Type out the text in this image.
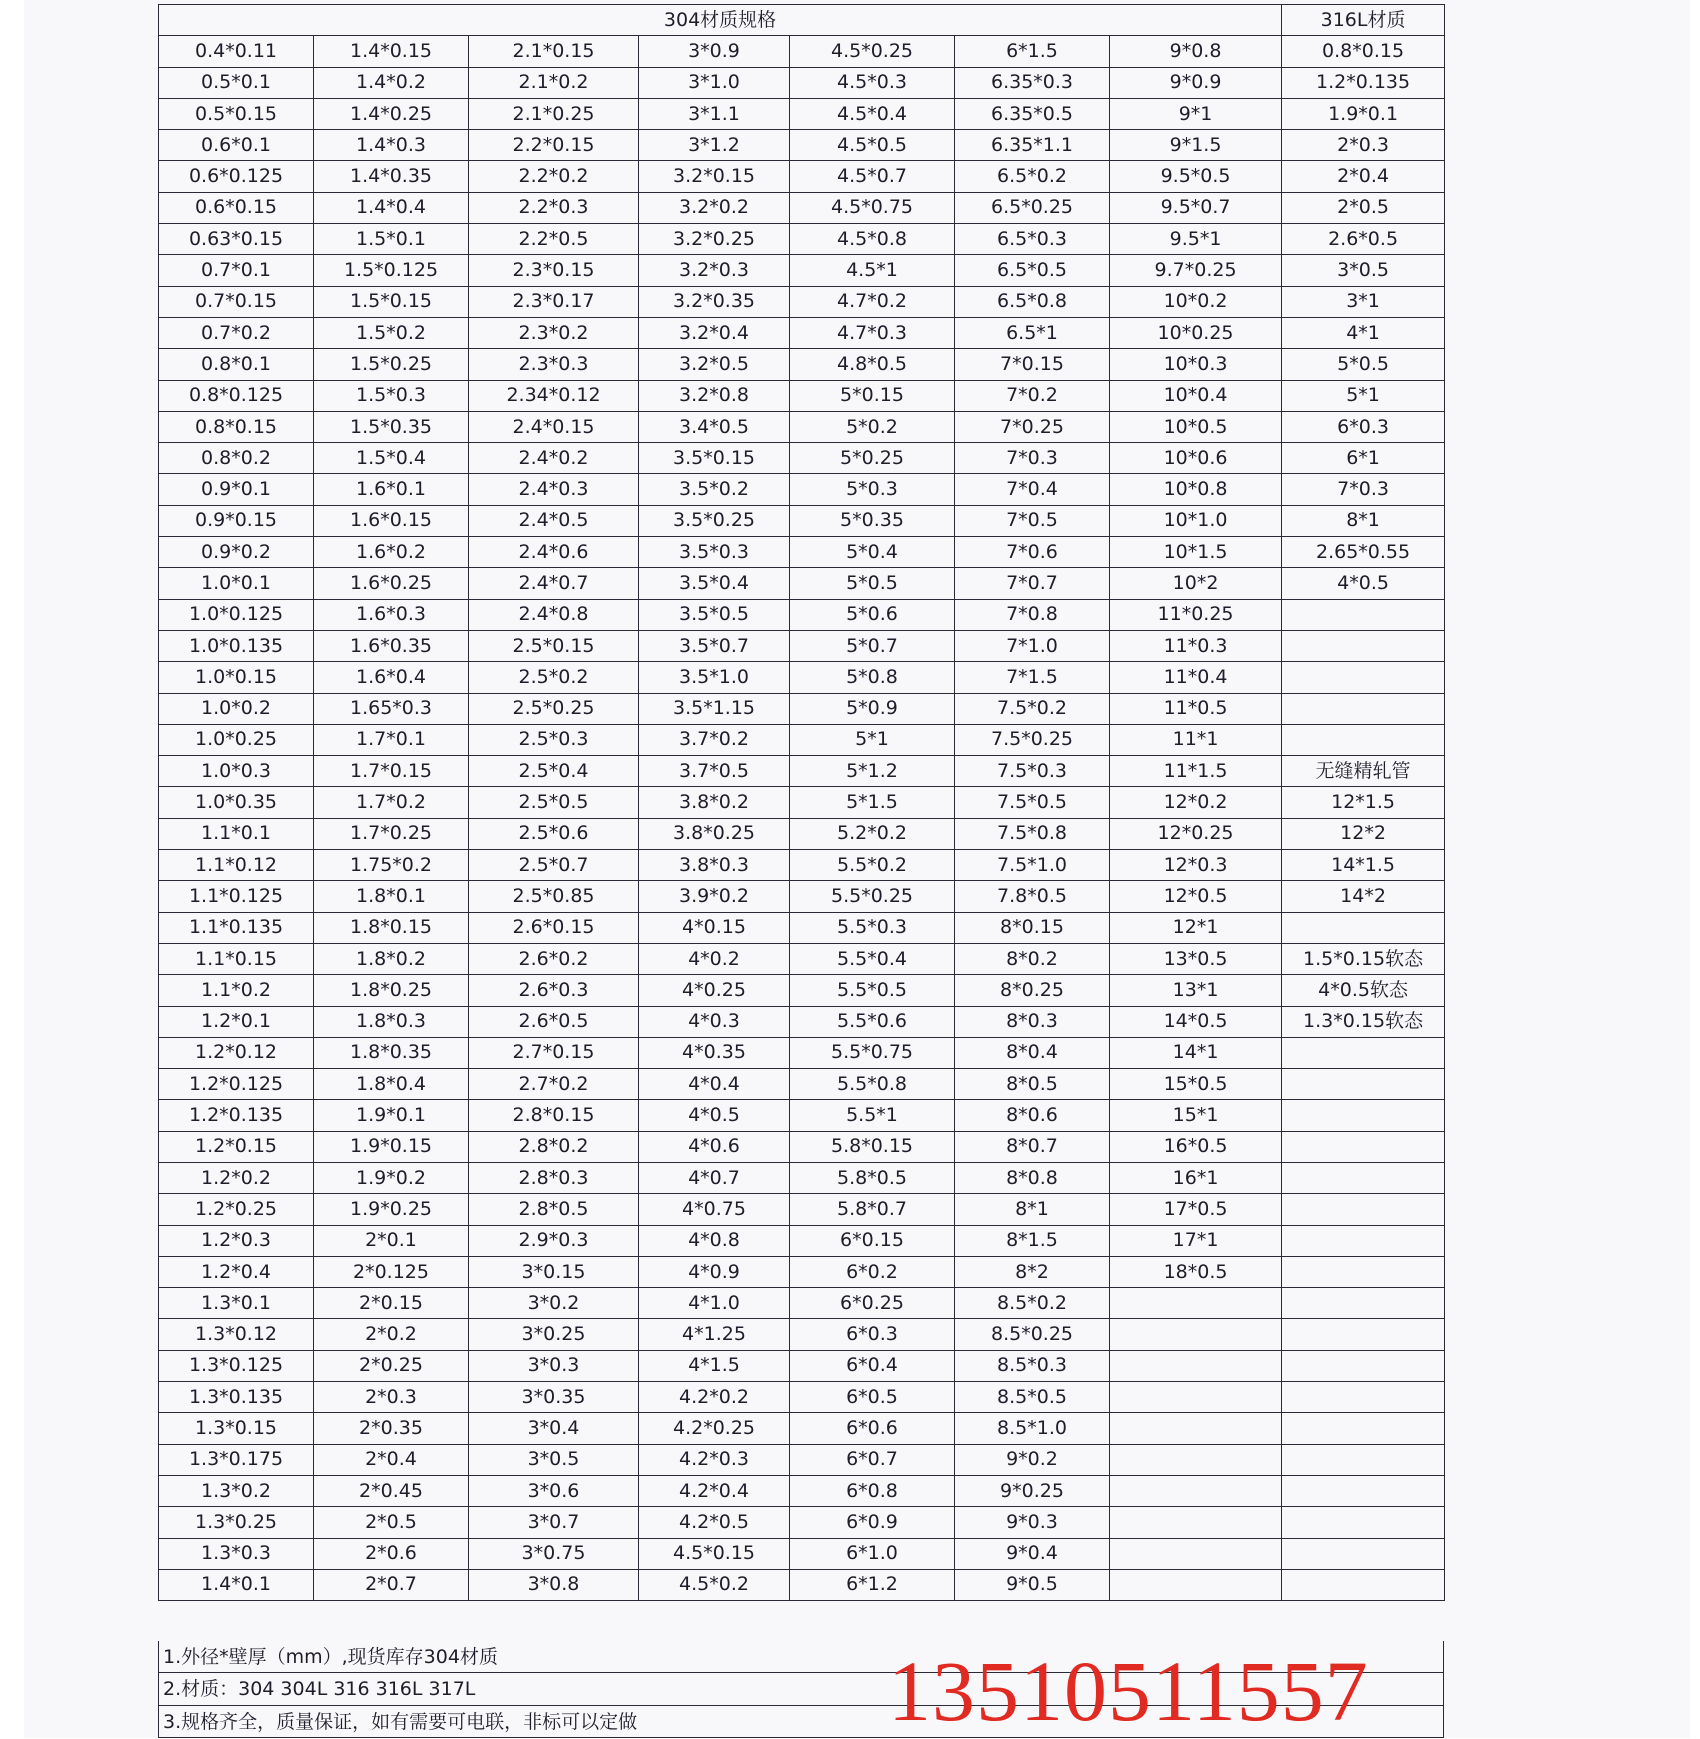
304材质规格							316L材质
0.4*0.11	1.4*0.15	2.1*0.15	3*0.9	4.5*0.25	6*1.5	9*0.8	0.8*0.15
0.5*0.1	1.4*0.2	2.1*0.2	3*1.0	4.5*0.3	6.35*0.3	9*0.9	1.2*0.135
0.5*0.15	1.4*0.25	2.1*0.25	3*1.1	4.5*0.4	6.35*0.5	9*1	1.9*0.1
0.6*0.1	1.4*0.3	2.2*0.15	3*1.2	4.5*0.5	6.35*1.1	9*1.5	2*0.3
0.6*0.125	1.4*0.35	2.2*0.2	3.2*0.15	4.5*0.7	6.5*0.2	9.5*0.5	2*0.4
0.6*0.15	1.4*0.4	2.2*0.3	3.2*0.2	4.5*0.75	6.5*0.25	9.5*0.7	2*0.5
0.63*0.15	1.5*0.1	2.2*0.5	3.2*0.25	4.5*0.8	6.5*0.3	9.5*1	2.6*0.5
0.7*0.1	1.5*0.125	2.3*0.15	3.2*0.3	4.5*1	6.5*0.5	9.7*0.25	3*0.5
0.7*0.15	1.5*0.15	2.3*0.17	3.2*0.35	4.7*0.2	6.5*0.8	10*0.2	3*1
0.7*0.2	1.5*0.2	2.3*0.2	3.2*0.4	4.7*0.3	6.5*1	10*0.25	4*1
0.8*0.1	1.5*0.25	2.3*0.3	3.2*0.5	4.8*0.5	7*0.15	10*0.3	5*0.5
0.8*0.125	1.5*0.3	2.34*0.12	3.2*0.8	5*0.15	7*0.2	10*0.4	5*1
0.8*0.15	1.5*0.35	2.4*0.15	3.4*0.5	5*0.2	7*0.25	10*0.5	6*0.3
0.8*0.2	1.5*0.4	2.4*0.2	3.5*0.15	5*0.25	7*0.3	10*0.6	6*1
0.9*0.1	1.6*0.1	2.4*0.3	3.5*0.2	5*0.3	7*0.4	10*0.8	7*0.3
0.9*0.15	1.6*0.15	2.4*0.5	3.5*0.25	5*0.35	7*0.5	10*1.0	8*1
0.9*0.2	1.6*0.2	2.4*0.6	3.5*0.3	5*0.4	7*0.6	10*1.5	2.65*0.55
1.0*0.1	1.6*0.25	2.4*0.7	3.5*0.4	5*0.5	7*0.7	10*2	4*0.5
1.0*0.125	1.6*0.3	2.4*0.8	3.5*0.5	5*0.6	7*0.8	11*0.25	
1.0*0.135	1.6*0.35	2.5*0.15	3.5*0.7	5*0.7	7*1.0	11*0.3	
1.0*0.15	1.6*0.4	2.5*0.2	3.5*1.0	5*0.8	7*1.5	11*0.4	
1.0*0.2	1.65*0.3	2.5*0.25	3.5*1.15	5*0.9	7.5*0.2	11*0.5	
1.0*0.25	1.7*0.1	2.5*0.3	3.7*0.2	5*1	7.5*0.25	11*1	
1.0*0.3	1.7*0.15	2.5*0.4	3.7*0.5	5*1.2	7.5*0.3	11*1.5	无缝精轧管
1.0*0.35	1.7*0.2	2.5*0.5	3.8*0.2	5*1.5	7.5*0.5	12*0.2	12*1.5
1.1*0.1	1.7*0.25	2.5*0.6	3.8*0.25	5.2*0.2	7.5*0.8	12*0.25	12*2
1.1*0.12	1.75*0.2	2.5*0.7	3.8*0.3	5.5*0.2	7.5*1.0	12*0.3	14*1.5
1.1*0.125	1.8*0.1	2.5*0.85	3.9*0.2	5.5*0.25	7.8*0.5	12*0.5	14*2
1.1*0.135	1.8*0.15	2.6*0.15	4*0.15	5.5*0.3	8*0.15	12*1	
1.1*0.15	1.8*0.2	2.6*0.2	4*0.2	5.5*0.4	8*0.2	13*0.5	1.5*0.15软态
1.1*0.2	1.8*0.25	2.6*0.3	4*0.25	5.5*0.5	8*0.25	13*1	4*0.5软态
1.2*0.1	1.8*0.3	2.6*0.5	4*0.3	5.5*0.6	8*0.3	14*0.5	1.3*0.15软态
1.2*0.12	1.8*0.35	2.7*0.15	4*0.35	5.5*0.75	8*0.4	14*1	
1.2*0.125	1.8*0.4	2.7*0.2	4*0.4	5.5*0.8	8*0.5	15*0.5	
1.2*0.135	1.9*0.1	2.8*0.15	4*0.5	5.5*1	8*0.6	15*1	
1.2*0.15	1.9*0.15	2.8*0.2	4*0.6	5.8*0.15	8*0.7	16*0.5	
1.2*0.2	1.9*0.2	2.8*0.3	4*0.7	5.8*0.5	8*0.8	16*1	
1.2*0.25	1.9*0.25	2.8*0.5	4*0.75	5.8*0.7	8*1	17*0.5	
1.2*0.3	2*0.1	2.9*0.3	4*0.8	6*0.15	8*1.5	17*1	
1.2*0.4	2*0.125	3*0.15	4*0.9	6*0.2	8*2	18*0.5	
1.3*0.1	2*0.15	3*0.2	4*1.0	6*0.25	8.5*0.2		
1.3*0.12	2*0.2	3*0.25	4*1.25	6*0.3	8.5*0.25		
1.3*0.125	2*0.25	3*0.3	4*1.5	6*0.4	8.5*0.3		
1.3*0.135	2*0.3	3*0.35	4.2*0.2	6*0.5	8.5*0.5		
1.3*0.15	2*0.35	3*0.4	4.2*0.25	6*0.6	8.5*1.0		
1.3*0.175	2*0.4	3*0.5	4.2*0.3	6*0.7	9*0.2		
1.3*0.2	2*0.45	3*0.6	4.2*0.4	6*0.8	9*0.25		
1.3*0.25	2*0.5	3*0.7	4.2*0.5	6*0.9	9*0.3		
1.3*0.3	2*0.6	3*0.75	4.5*0.15	6*1.0	9*0.4		
1.4*0.1	2*0.7	3*0.8	4.5*0.2	6*1.2	9*0.5		
1.外径*壁厚（mm）,现货库存304材质
2.材质：304 304L 316 316L 317L
3.规格齐全，质量保证，如有需要可电联，非标可以定做	13510511557
